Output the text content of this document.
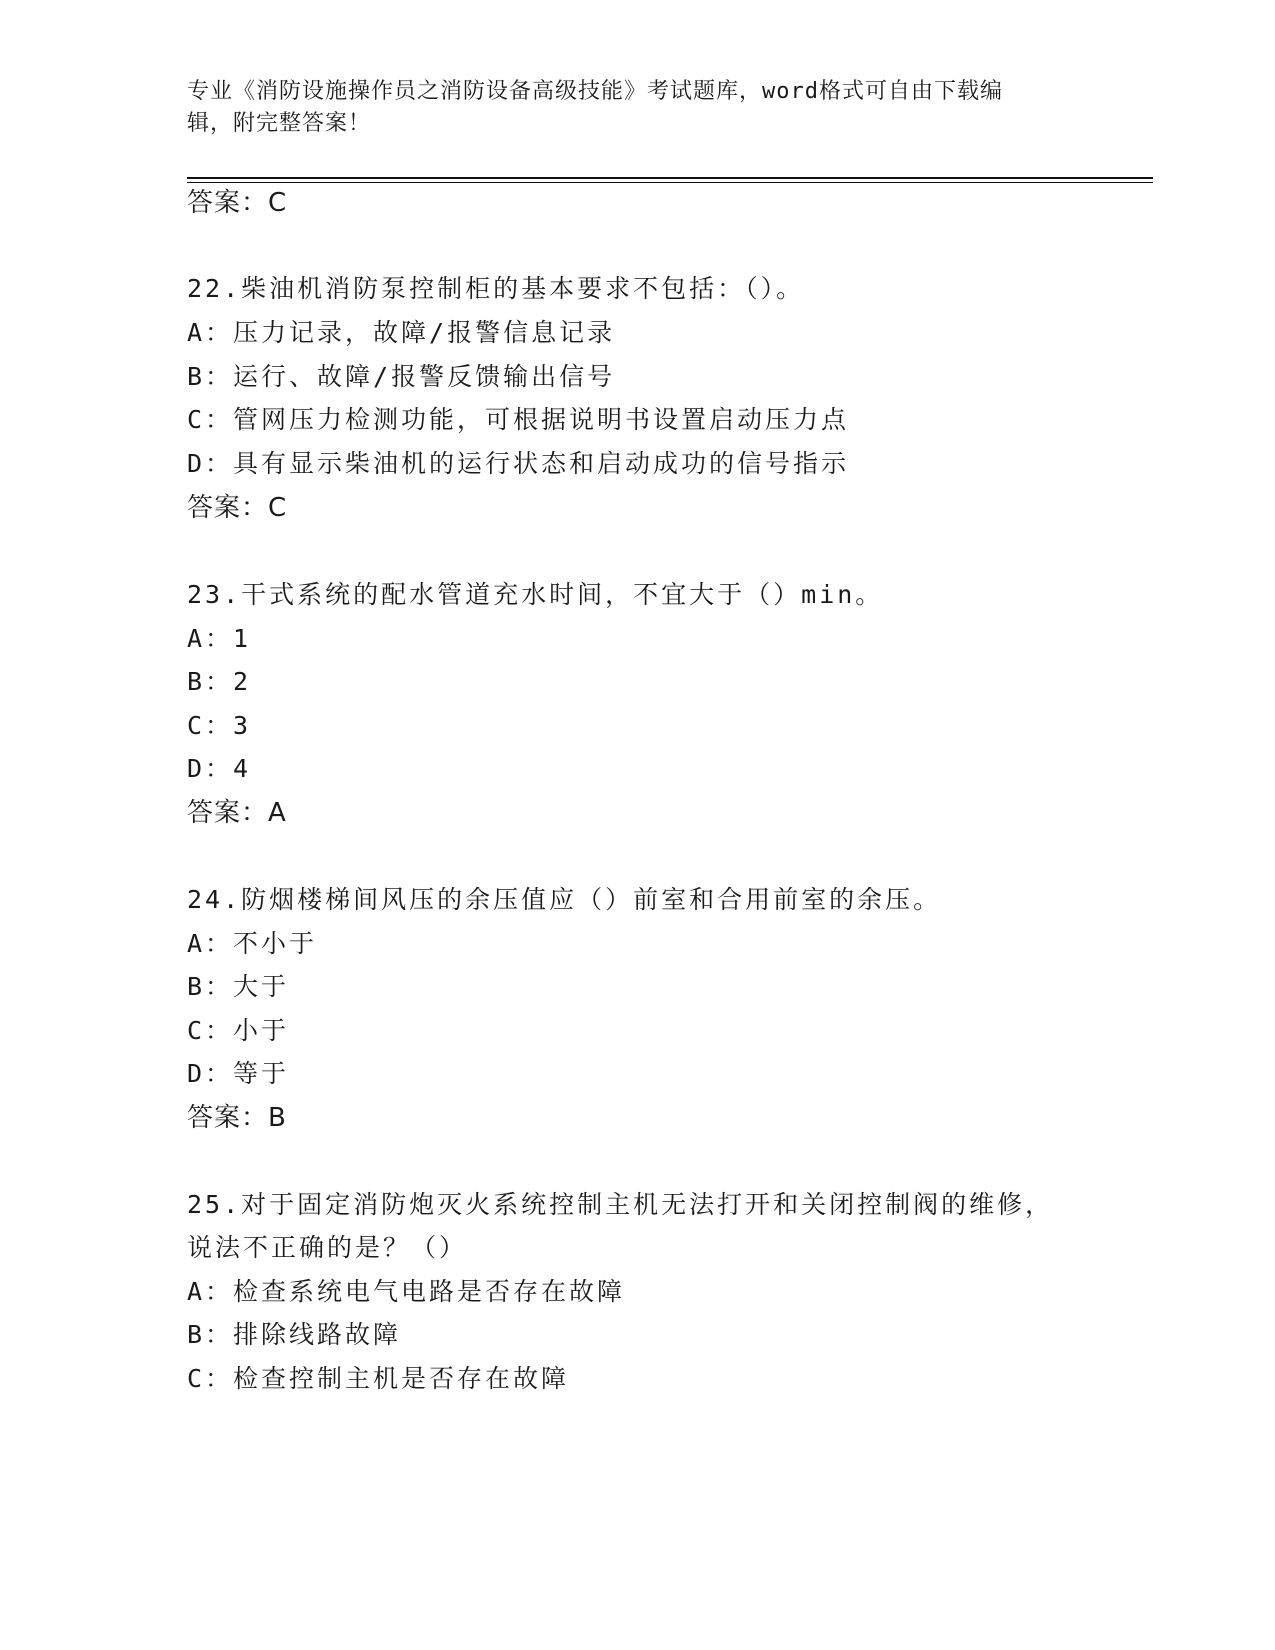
专业《消防设施操作员之消防设备高级技能》考试题库，word格式可自由下载编
辑，附完整答案！
答案：C
22.柴油机消防泵控制柜的基本要求不包括：（）。
A：压力记录，故障/报警信息记录
B：运行、故障/报警反馈输出信号
C：管网压力检测功能，可根据说明书设置启动压力点
D：具有显示柴油机的运行状态和启动成功的信号指示
答案：C
23.干式系统的配水管道充水时间，不宜大于（）min。
A：1
B：2
C：3
D：4
答案：A
24.防烟楼梯间风压的余压值应（）前室和合用前室的余压。
A：不小于
B：大于
C：小于
D：等于
答案：B
25.对于固定消防炮灭火系统控制主机无法打开和关闭控制阀的维修，
说法不正确的是？（）
A：检查系统电气电路是否存在故障
B：排除线路故障
C：检查控制主机是否存在故障
